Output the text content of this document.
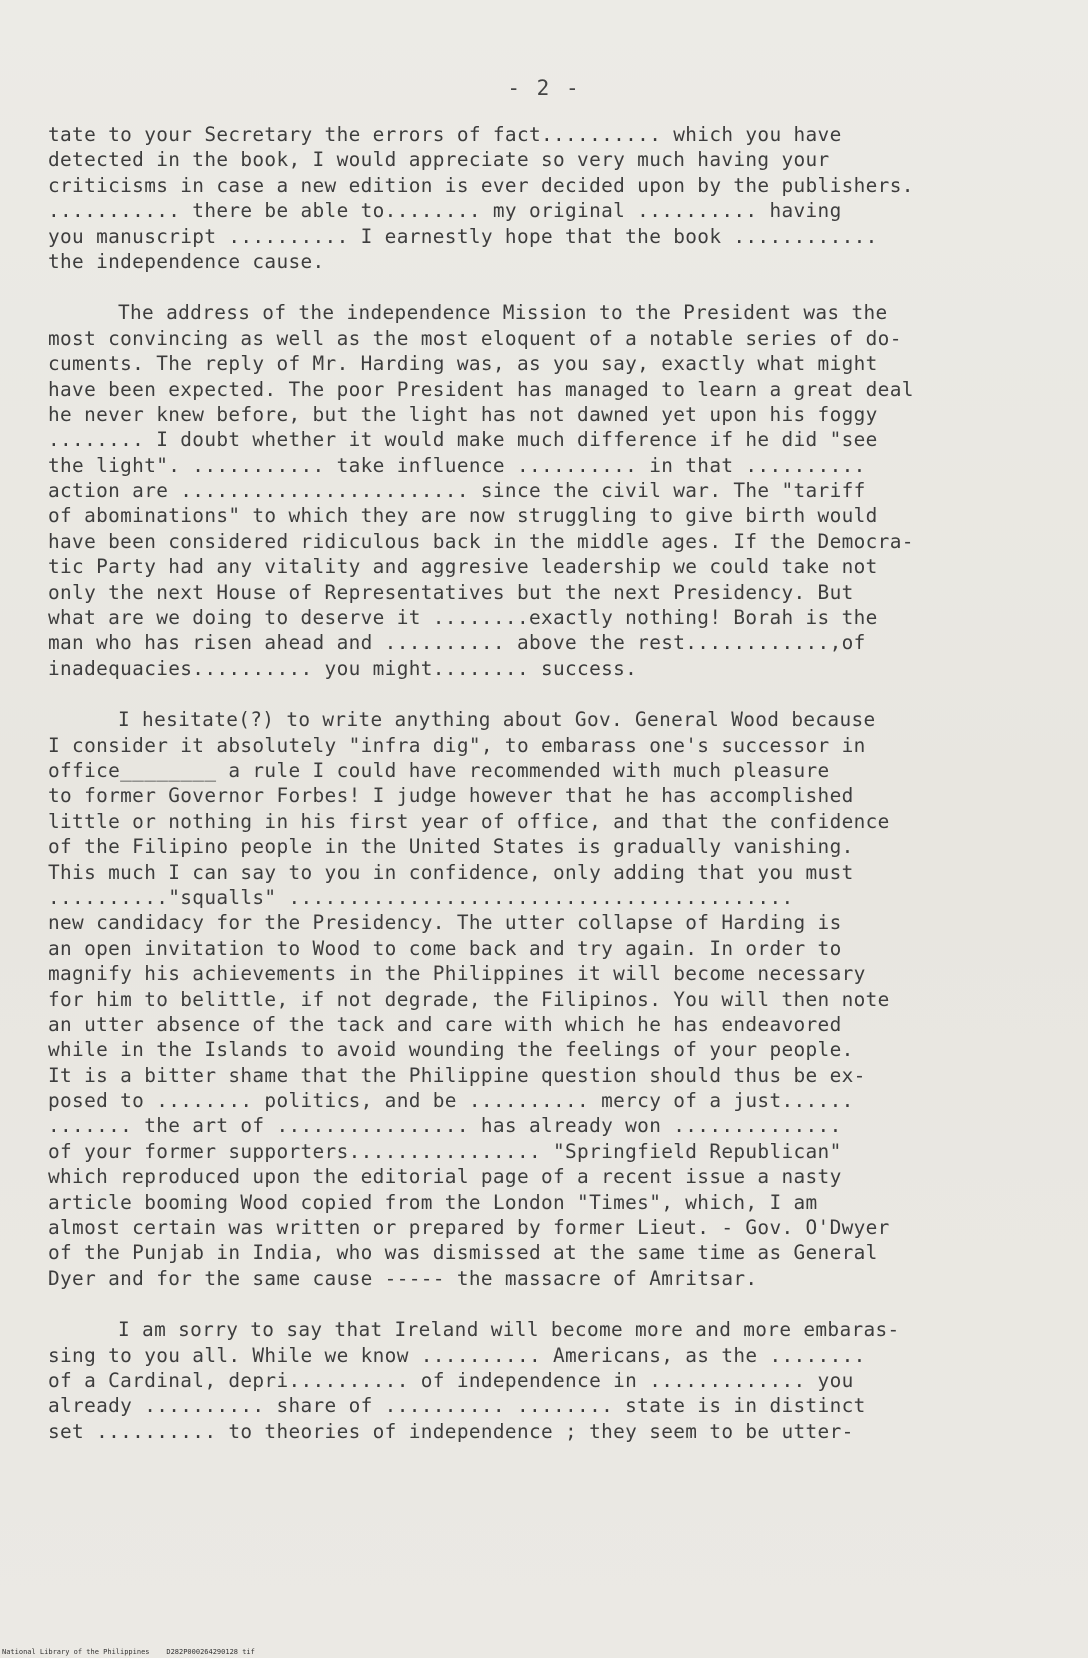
- 2 -
tate to your Secretary the errors of fact.......... which you have
detected in the book, I would appreciate so very much having your
criticisms in case a new edition is ever decided upon by the publishers.
........... there be able to........ my original .......... having
you manuscript .......... I earnestly hope that the book ............
the independence cause.
The address of the independence Mission to the President was the
most convincing as well as the most eloquent of a notable series of do-
cuments. The reply of Mr. Harding was, as you say, exactly what might
have been expected. The poor President has managed to learn a great deal
he never knew before, but the light has not dawned yet upon his foggy
........ I doubt whether it would make much difference if he did "see
the light". ........... take influence .......... in that ..........
action are ........................ since the civil war. The "tariff
of abominations" to which they are now struggling to give birth would
have been considered ridiculous back in the middle ages. If the Democra-
tic Party had any vitality and aggresive leadership we could take not
only the next House of Representatives but the next Presidency. But
what are we doing to deserve it ........exactly nothing! Borah is the
man who has risen ahead and .......... above the rest............,of
inadequacies.......... you might........ success.
I hesitate(?) to write anything about Gov. General Wood because
I consider it absolutely "infra dig", to embarass one's successor in
office________ a rule I could have recommended with much pleasure
to former Governor Forbes! I judge however that he has accomplished
little or nothing in his first year of office, and that the confidence
of the Filipino people in the United States is gradually vanishing.
This much I can say to you in confidence, only adding that you must
.........."squalls" ..........................................
new candidacy for the Presidency. The utter collapse of Harding is
an open invitation to Wood to come back and try again. In order to
magnify his achievements in the Philippines it will become necessary
for him to belittle, if not degrade, the Filipinos. You will then note
an utter absence of the tack and care with which he has endeavored
while in the Islands to avoid wounding the feelings of your people.
It is a bitter shame that the Philippine question should thus be ex-
posed to ........ politics, and be .......... mercy of a just......
....... the art of ................ has already won ..............
of your former supporters................ "Springfield Republican"
which reproduced upon the editorial page of a recent issue a nasty
article booming Wood copied from the London "Times", which, I am
almost certain was written or prepared by former Lieut. - Gov. O'Dwyer
of the Punjab in India, who was dismissed at the same time as General
Dyer and for the same cause ----- the massacre of Amritsar.
I am sorry to say that Ireland will become more and more embaras-
sing to you all. While we know .......... Americans, as the ........
of a Cardinal, depri.......... of independence in ............. you
already .......... share of .......... ........ state is in distinct
set .......... to theories of independence ; they seem to be utter-
National Library of the Philippines    D282P000264290128 tif
